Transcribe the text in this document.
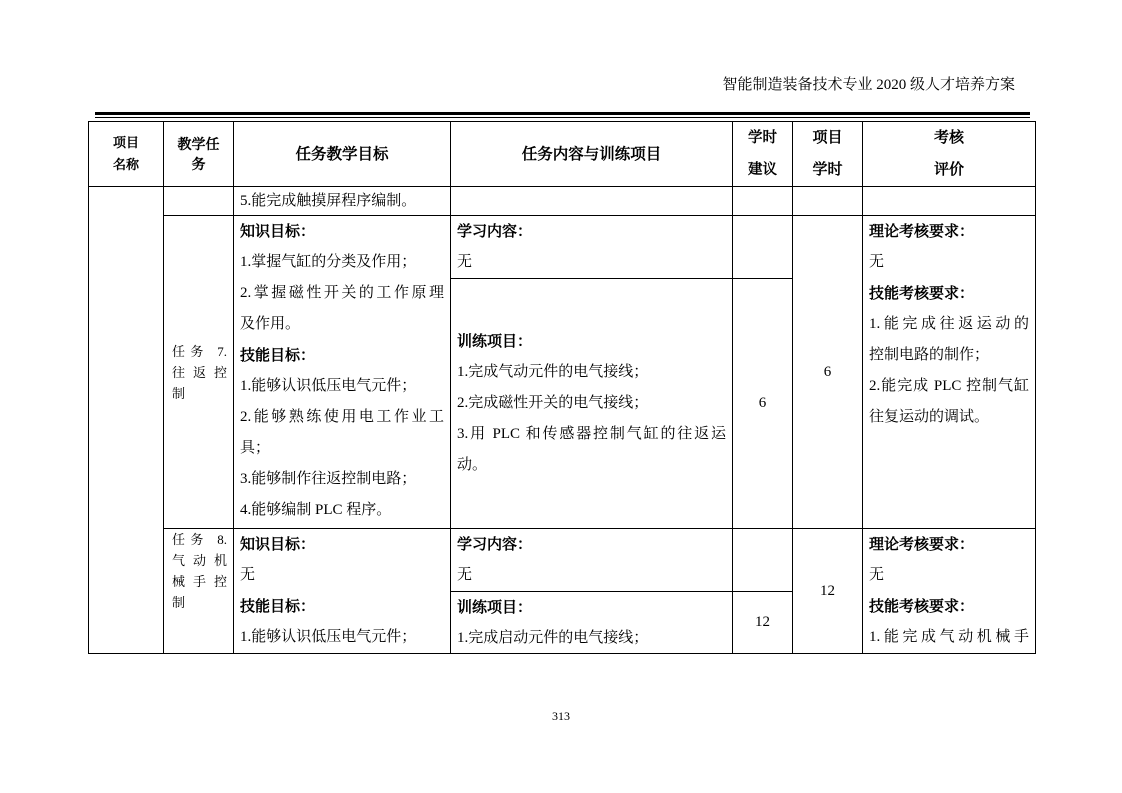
智能制造装备技术专业 2020 级人才培养方案
项目
名称
教学任
务
任务教学目标	任务内容与训练项目
学时
建议
项目
学时
考核
评价
5.能完成触摸屏程序编制。
任务 7.
往返控
制
知识目标：
1.掌握气缸的分类及作用；
2.掌握磁性开关的工作原理
及作用。
技能目标：
1.能够认识低压电气元件；
2.能够熟练使用电工作业工
具；
3.能够制作往返控制电路；
4.能够编制 PLC 程序。
学习内容：
无
训练项目：
1.完成气动元件的电气接线；
2.完成磁性开关的电气接线；
3.用 PLC 和传感器控制气缸的往返运
动。
6
6
理论考核要求：
无
技能考核要求：
1.能完成往返运动的
控制电路的制作；
2.能完成 PLC 控制气缸
往复运动的调试。
任务 8.
气动机
械手控
制
知识目标：
无
技能目标：
1.能够认识低压电气元件；
学习内容：
无
训练项目：
1.完成启动元件的电气接线；
12
12
理论考核要求：
无
技能考核要求：
1.能完成气动机械手
313
